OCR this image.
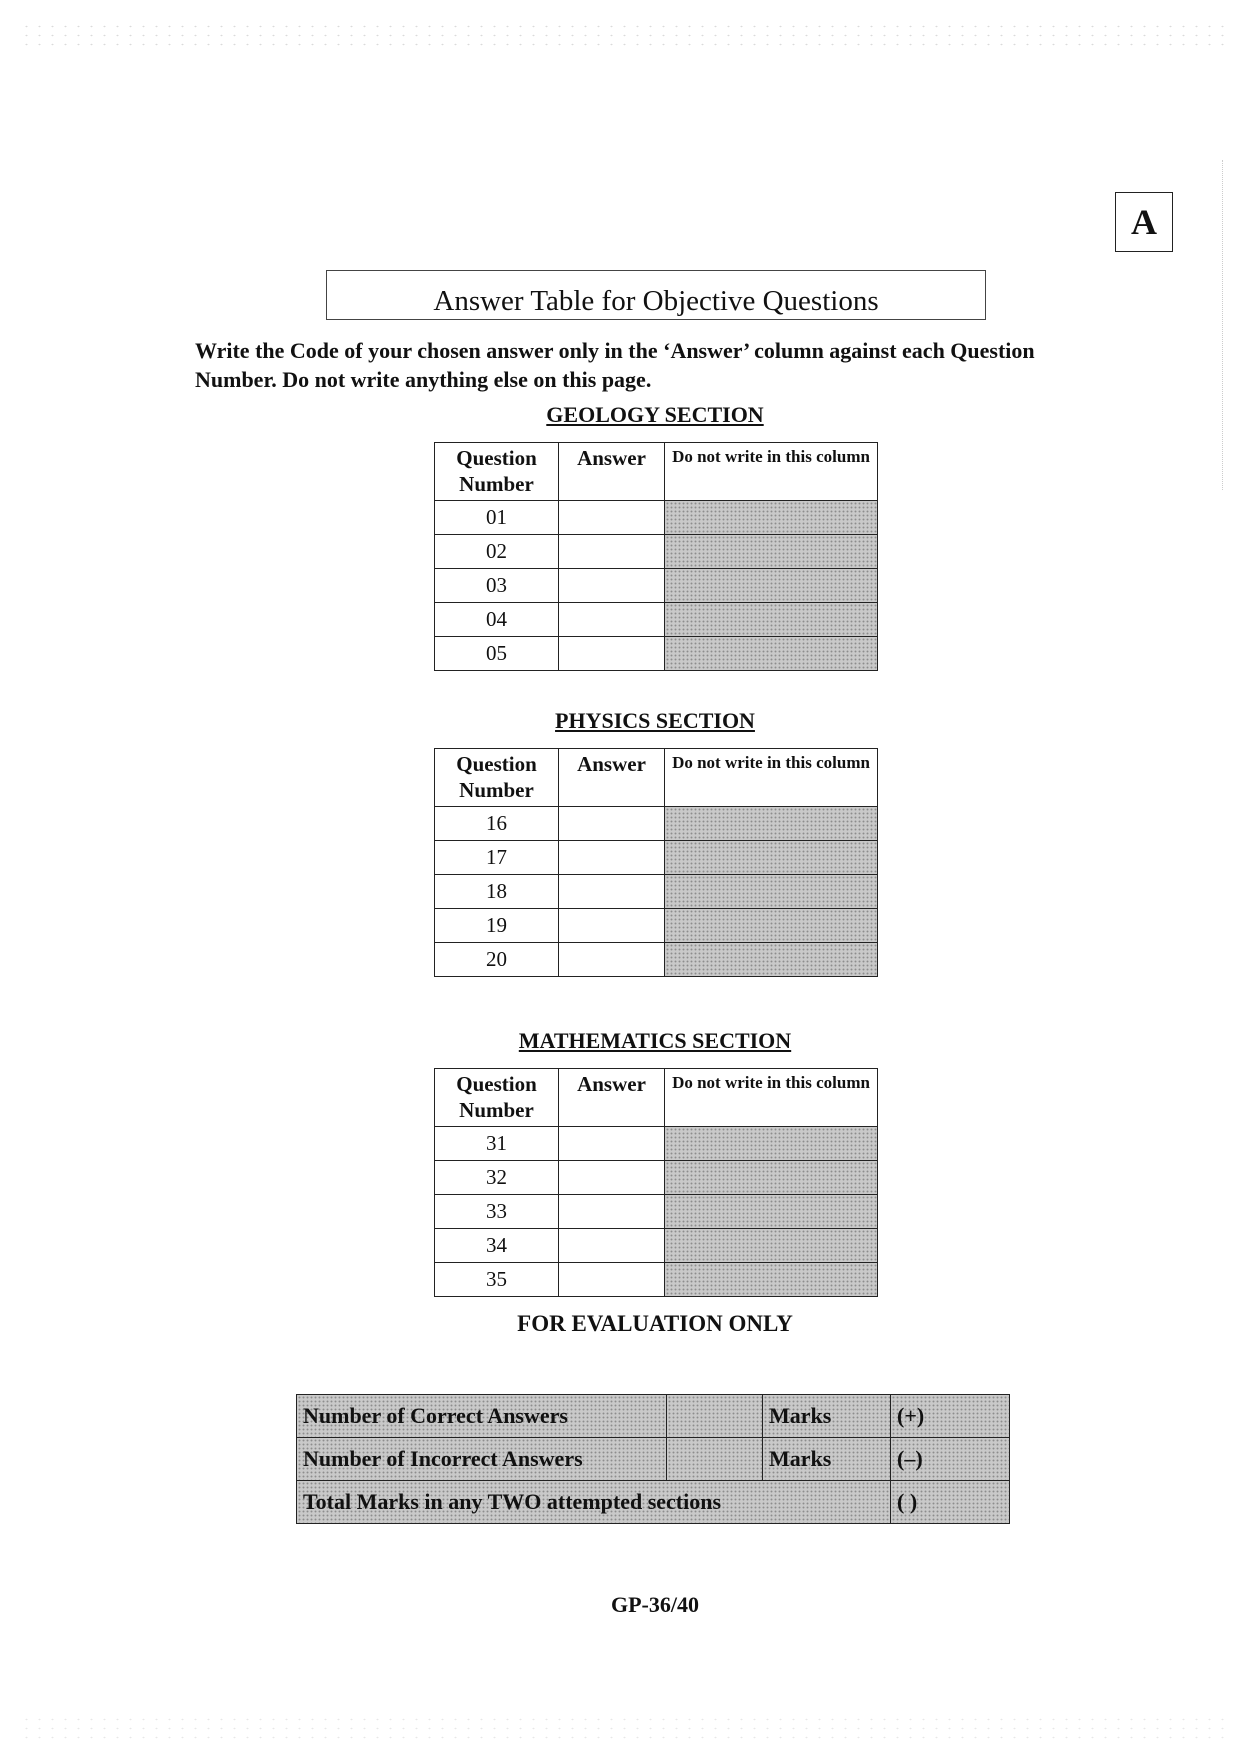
A
Answer Table for Objective Questions
Write the Code of your chosen answer only in the ‘Answer’ column against each Question Number. Do not write anything else on this page.
GEOLOGY SECTION
Question Number	Answer	Do not write in this column
01		
02		
03		
04		
05		
PHYSICS SECTION
Question Number	Answer	Do not write in this column
16		
17		
18		
19		
20		
MATHEMATICS SECTION
Question Number	Answer	Do not write in this column
31		
32		
33		
34		
35		
FOR EVALUATION ONLY
Number of Correct Answers		Marks	(+)
Number of Incorrect Answers		Marks	(–)
Total Marks in any TWO attempted sections			( )
GP-36/40
